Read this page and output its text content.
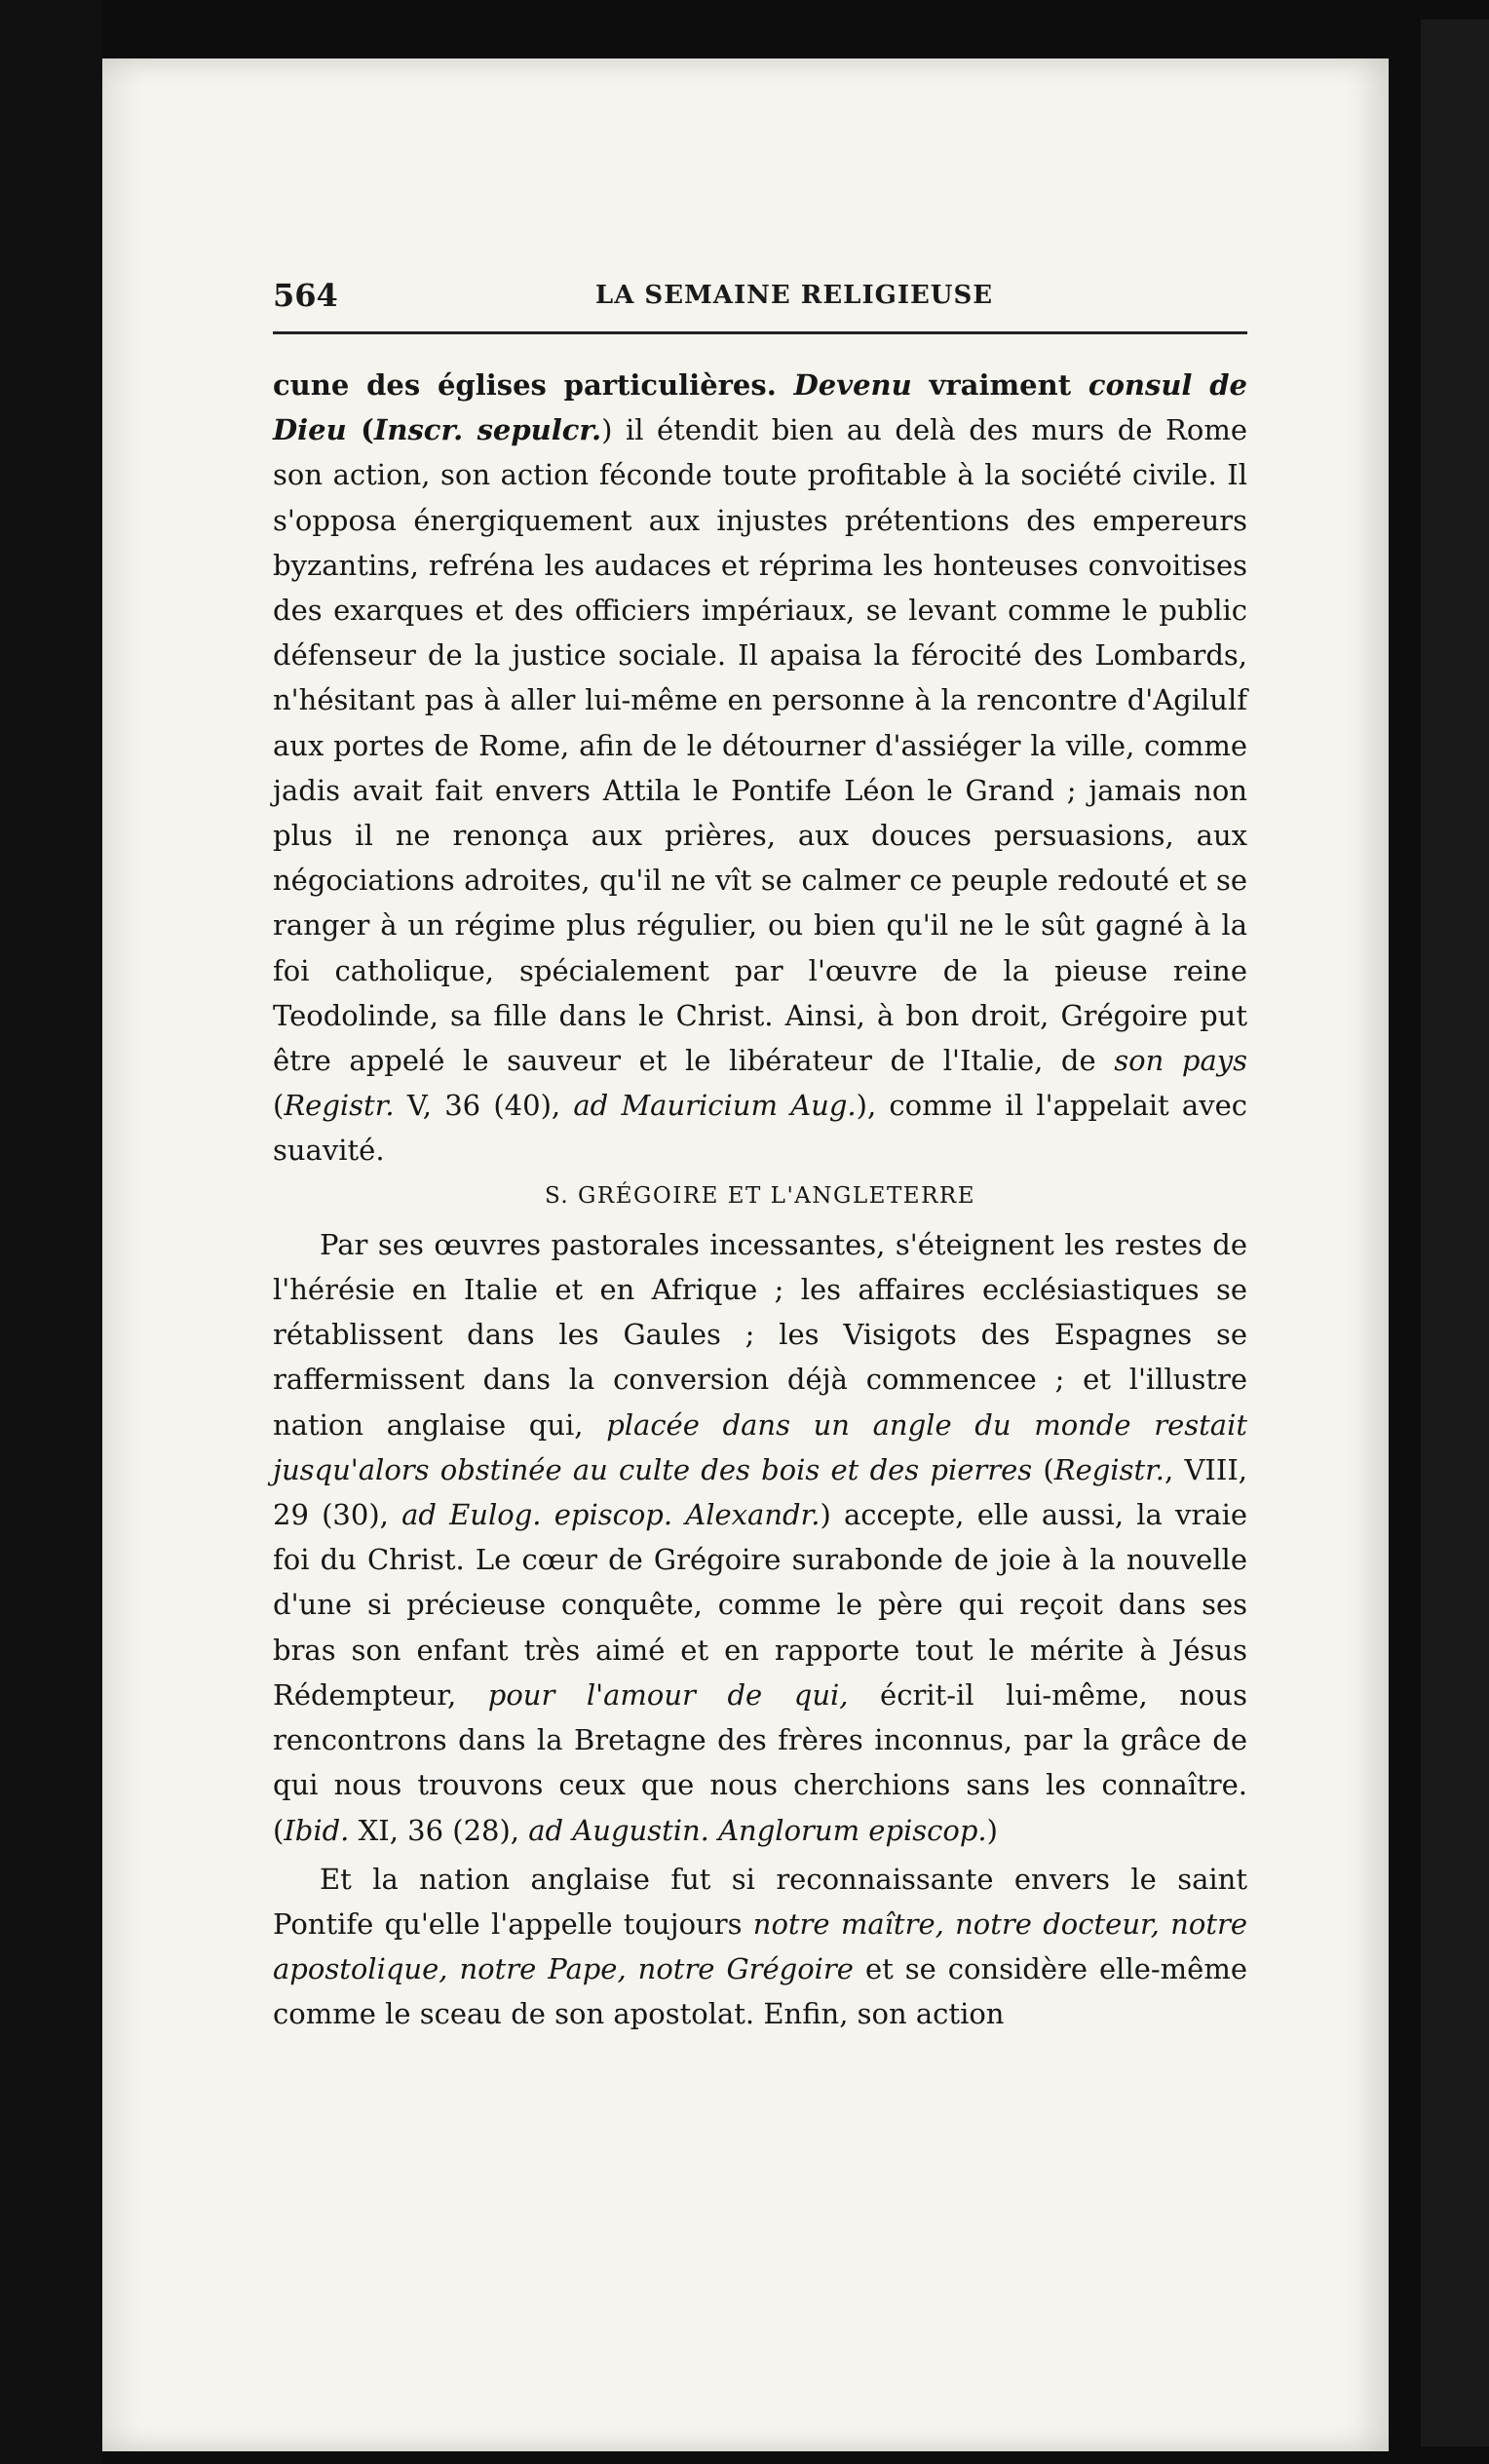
564	LA SEMAINE RELIGIEUSE

cune des églises particulières. Devenu vraiment consul de Dieu (Inscr. sepulcr.) il étendit bien au delà des murs de Rome son action, son action féconde toute profitable à la société civile. Il s'opposa énergiquement aux injustes prétentions des empereurs byzantins, refréna les audaces et réprima les honteuses convoitises des exarques et des officiers impériaux, se levant comme le public défenseur de la justice sociale. Il apaisa la férocité des Lombards, n'hésitant pas à aller lui-même en personne à la rencontre d'Agilulf aux portes de Rome, afin de le détourner d'assiéger la ville, comme jadis avait fait envers Attila le Pontife Léon le Grand ; jamais non plus il ne renonça aux prières, aux douces persuasions, aux négociations adroites, qu'il ne vît se calmer ce peuple redouté et se ranger à un régime plus régulier, ou bien qu'il ne le sût gagné à la foi catholique, spécialement par l'œuvre de la pieuse reine Teodolinde, sa fille dans le Christ. Ainsi, à bon droit, Grégoire put être appelé le sauveur et le libérateur de l'Italie, de son pays (Registr. V, 36 (40), ad Mauricium Aug.), comme il l'appelait avec suavité.

S. GRÉGOIRE ET L'ANGLETERRE

Par ses œuvres pastorales incessantes, s'éteignent les restes de l'hérésie en Italie et en Afrique ; les affaires ecclésiastiques se rétablissent dans les Gaules ; les Visigots des Espagnes se raffermissent dans la conversion déjà commencee ; et l'illustre nation anglaise qui, placée dans un angle du monde restait jusqu'alors obstinée au culte des bois et des pierres (Registr., VIII, 29 (30), ad Eulog. episcop. Alexandr.) accepte, elle aussi, la vraie foi du Christ. Le cœur de Grégoire surabonde de joie à la nouvelle d'une si précieuse conquête, comme le père qui reçoit dans ses bras son enfant très aimé et en rapporte tout le mérite à Jésus Rédempteur, pour l'amour de qui, écrit-il lui-même, nous rencontrons dans la Bretagne des frères inconnus, par la grâce de qui nous trouvons ceux que nous cherchions sans les connaître. (Ibid. XI, 36 (28), ad Augustin. Anglorum episcop.)

Et la nation anglaise fut si reconnaissante envers le saint Pontife qu'elle l'appelle toujours notre maître, notre docteur, notre apostolique, notre Pape, notre Grégoire et se considère elle-même comme le sceau de son apostolat. Enfin, son action
